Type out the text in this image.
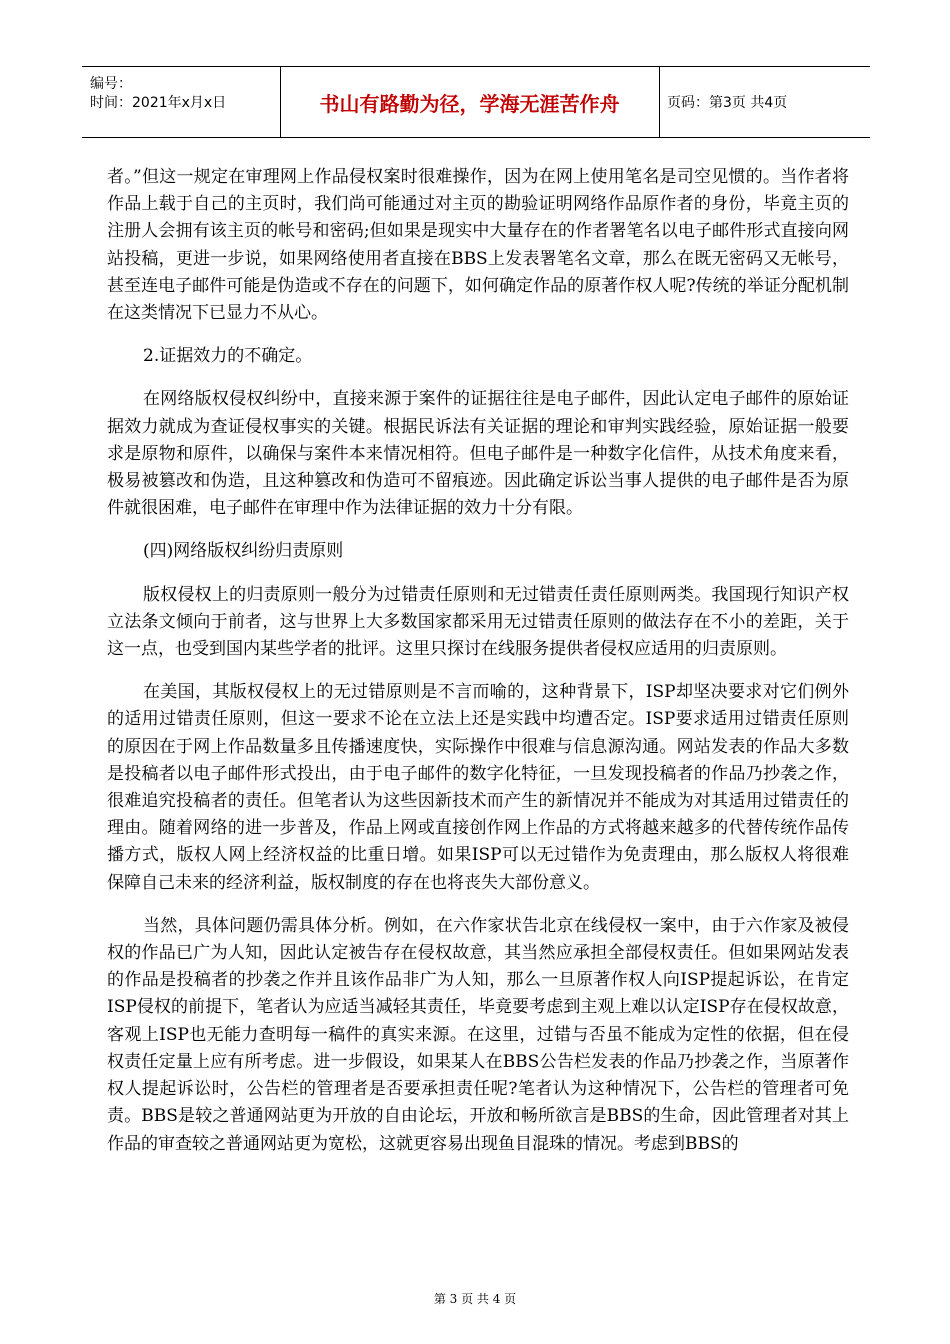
编号：
时间：2021年x月x日	书山有路勤为径，学海无涯苦作舟	页码：第3页 共4页

者。”但这一规定在审理网上作品侵权案时很难操作，因为在网上使用笔名是司空见惯的。当作者将作品上载于自己的主页时，我们尚可能通过对主页的勘验证明网络作品原作者的身份，毕竟主页的注册人会拥有该主页的帐号和密码;但如果是现实中大量存在的作者署笔名以电子邮件形式直接向网站投稿，更进一步说，如果网络使用者直接在BBS上发表署笔名文章，那么在既无密码又无帐号，甚至连电子邮件可能是伪造或不存在的问题下，如何确定作品的原著作权人呢?传统的举证分配机制在这类情况下已显力不从心。

2.证据效力的不确定。

在网络版权侵权纠纷中，直接来源于案件的证据往往是电子邮件，因此认定电子邮件的原始证据效力就成为查证侵权事实的关键。根据民诉法有关证据的理论和审判实践经验，原始证据一般要求是原物和原件，以确保与案件本来情况相符。但电子邮件是一种数字化信件，从技术角度来看，极易被篡改和伪造，且这种篡改和伪造可不留痕迹。因此确定诉讼当事人提供的电子邮件是否为原件就很困难，电子邮件在审理中作为法律证据的效力十分有限。

(四)网络版权纠纷归责原则

版权侵权上的归责原则一般分为过错责任原则和无过错责任责任原则两类。我国现行知识产权立法条文倾向于前者，这与世界上大多数国家都采用无过错责任原则的做法存在不小的差距，关于这一点，也受到国内某些学者的批评。这里只探讨在线服务提供者侵权应适用的归责原则。

在美国，其版权侵权上的无过错原则是不言而喻的，这种背景下，ISP却坚决要求对它们例外的适用过错责任原则，但这一要求不论在立法上还是实践中均遭否定。ISP要求适用过错责任原则的原因在于网上作品数量多且传播速度快，实际操作中很难与信息源沟通。网站发表的作品大多数是投稿者以电子邮件形式投出，由于电子邮件的数字化特征，一旦发现投稿者的作品乃抄袭之作，很难追究投稿者的责任。但笔者认为这些因新技术而产生的新情况并不能成为对其适用过错责任的理由。随着网络的进一步普及，作品上网或直接创作网上作品的方式将越来越多的代替传统作品传播方式，版权人网上经济权益的比重日增。如果ISP可以无过错作为免责理由，那么版权人将很难保障自己未来的经济利益，版权制度的存在也将丧失大部份意义。

当然，具体问题仍需具体分析。例如，在六作家状告北京在线侵权一案中，由于六作家及被侵权的作品已广为人知，因此认定被告存在侵权故意，其当然应承担全部侵权责任。但如果网站发表的作品是投稿者的抄袭之作并且该作品非广为人知，那么一旦原著作权人向ISP提起诉讼，在肯定ISP侵权的前提下，笔者认为应适当减轻其责任，毕竟要考虑到主观上难以认定ISP存在侵权故意，客观上ISP也无能力查明每一稿件的真实来源。在这里，过错与否虽不能成为定性的依据，但在侵权责任定量上应有所考虑。进一步假设，如果某人在BBS公告栏发表的作品乃抄袭之作，当原著作权人提起诉讼时，公告栏的管理者是否要承担责任呢?笔者认为这种情况下，公告栏的管理者可免责。BBS是较之普通网站更为开放的自由论坛，开放和畅所欲言是BBS的生命，因此管理者对其上作品的审查较之普通网站更为宽松，这就更容易出现鱼目混珠的情况。考虑到BBS的

第 3 页 共 4 页
